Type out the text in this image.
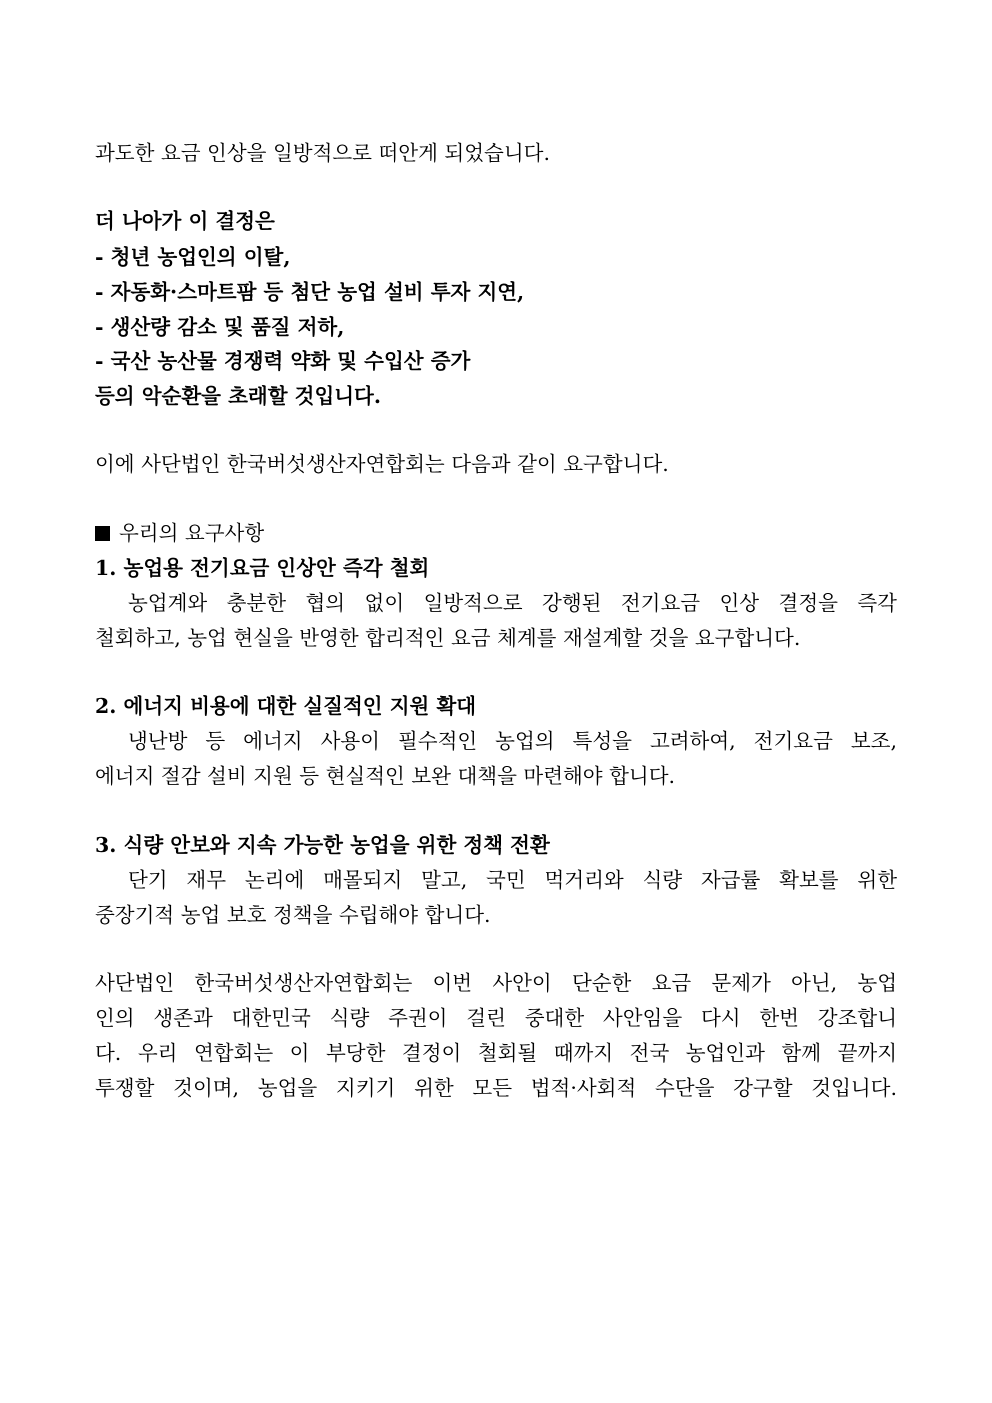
과도한 요금 인상을 일방적으로 떠안게 되었습니다.
더 나아가 이 결정은
- 청년 농업인의 이탈,
- 자동화·스마트팜 등 첨단 농업 설비 투자 지연,
- 생산량 감소 및 품질 저하,
- 국산 농산물 경쟁력 약화 및 수입산 증가
등의 악순환을 초래할 것입니다.
이에 사단법인 한국버섯생산자연합회는 다음과 같이 요구합니다.
우리의 요구사항
1. 농업용 전기요금 인상안 즉각 철회
농업계와 충분한 협의 없이 일방적으로 강행된 전기요금 인상 결정을 즉각
철회하고, 농업 현실을 반영한 합리적인 요금 체계를 재설계할 것을 요구합니다.
2. 에너지 비용에 대한 실질적인 지원 확대
냉난방 등 에너지 사용이 필수적인 농업의 특성을 고려하여, 전기요금 보조,
에너지 절감 설비 지원 등 현실적인 보완 대책을 마련해야 합니다.
3. 식량 안보와 지속 가능한 농업을 위한 정책 전환
단기 재무 논리에 매몰되지 말고, 국민 먹거리와 식량 자급률 확보를 위한
중장기적 농업 보호 정책을 수립해야 합니다.
사단법인 한국버섯생산자연합회는 이번 사안이 단순한 요금 문제가 아닌, 농업
인의 생존과 대한민국 식량 주권이 걸린 중대한 사안임을 다시 한번 강조합니
다. 우리 연합회는 이 부당한 결정이 철회될 때까지 전국 농업인과 함께 끝까지
투쟁할 것이며, 농업을 지키기 위한 모든 법적·사회적 수단을 강구할 것입니다.
